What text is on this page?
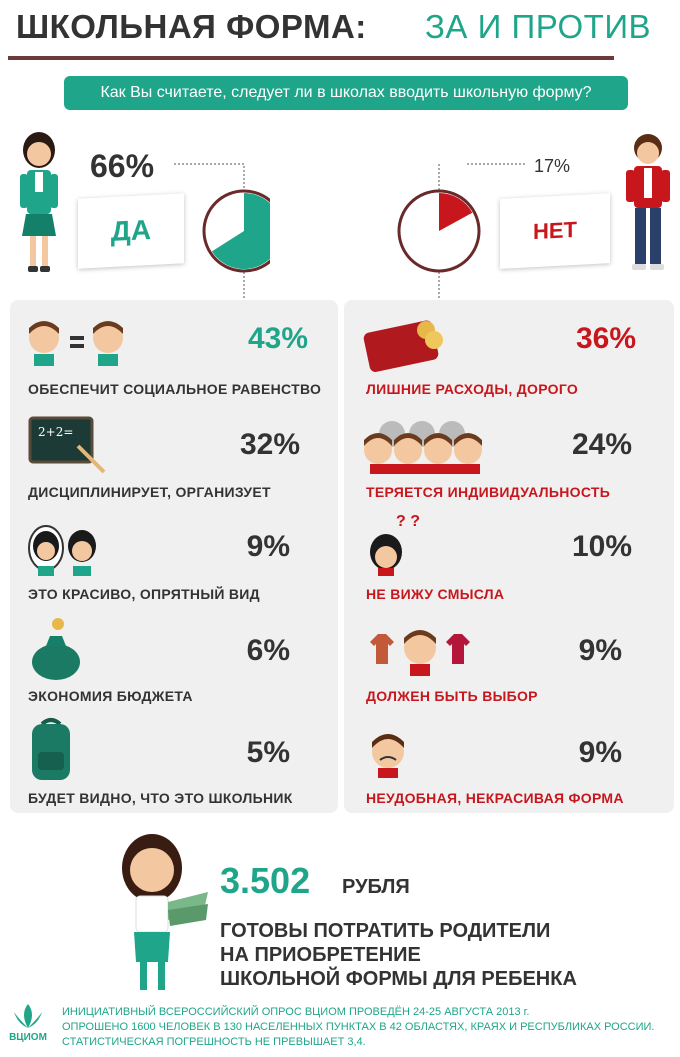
ШКОЛЬНАЯ ФОРМА: ЗА И ПРОТИВ
Как Вы считаете, следует ли в школах вводить школьную форму?
66%
ДА
17%
НЕТ
43%
ОБЕСПЕЧИТ СОЦИАЛЬНОЕ РАВЕНСТВО
2+2=	32%
ДИСЦИПЛИНИРУЕТ, ОРГАНИЗУЕТ
9%
ЭТО КРАСИВО, ОПРЯТНЫЙ ВИД
6%
ЭКОНОМИЯ БЮДЖЕТА
5%
БУДЕТ ВИДНО, ЧТО ЭТО ШКОЛЬНИК
36%
ЛИШНИЕ РАСХОДЫ, ДОРОГО
24%
ТЕРЯЕТСЯ ИНДИВИДУАЛЬНОСТЬ
? ?
10%
НЕ ВИЖУ СМЫСЛА
9%
ДОЛЖЕН БЫТЬ ВЫБОР
9%
НЕУДОБНАЯ, НЕКРАСИВАЯ ФОРМА
3.502 РУБЛЯ
ГОТОВЫ ПОТРАТИТЬ РОДИТЕЛИ
НА ПРИОБРЕТЕНИЕ
ШКОЛЬНОЙ ФОРМЫ ДЛЯ РЕБЕНКА
ВЦИОМ
ИНИЦИАТИВНЫЙ ВСЕРОССИЙСКИЙ ОПРОС ВЦИОМ ПРОВЕДЁН 24-25 АВГУСТА 2013 г.
ОПРОШЕНО 1600 ЧЕЛОВЕК В 130 НАСЕЛЕННЫХ ПУНКТАХ В 42 ОБЛАСТЯХ, КРАЯХ И РЕСПУБЛИКАХ РОССИИ.
СТАТИСТИЧЕСКАЯ ПОГРЕШНОСТЬ НЕ ПРЕВЫШАЕТ 3,4.
